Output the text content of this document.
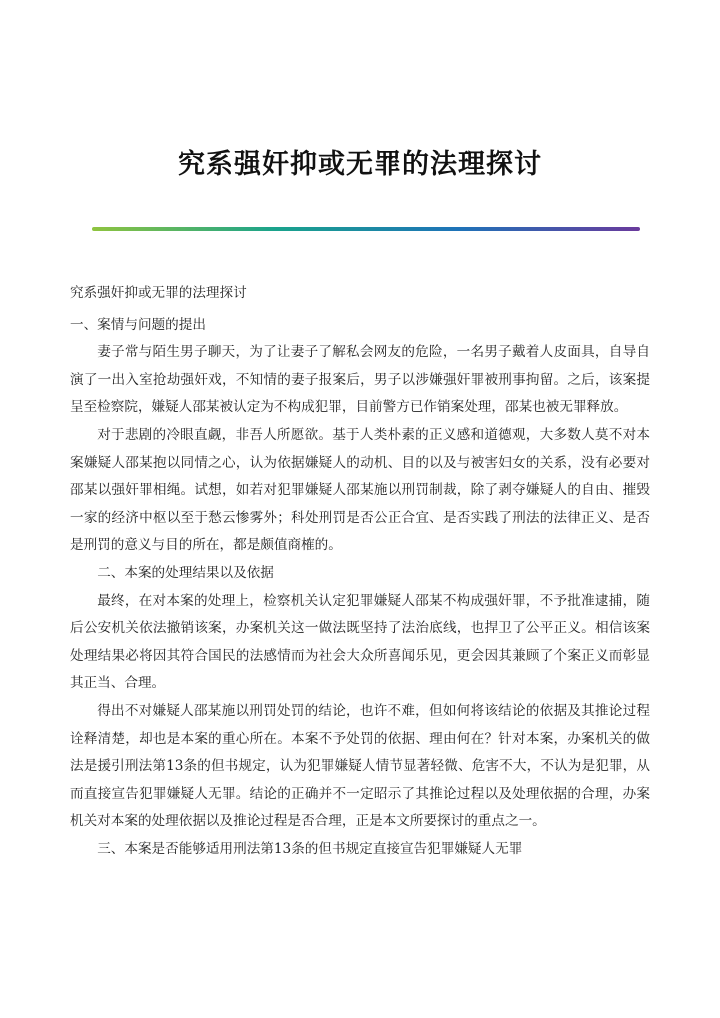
究系强奸抑或无罪的法理探讨

究系强奸抑或无罪的法理探讨

一、案情与问题的提出

妻子常与陌生男子聊天，为了让妻子了解私会网友的危险，一名男子戴着人皮面具，自导自演了一出入室抢劫强奸戏，不知情的妻子报案后，男子以涉嫌强奸罪被刑事拘留。之后，该案提呈至检察院，嫌疑人邵某被认定为不构成犯罪，目前警方已作销案处理，邵某也被无罪释放。

对于悲剧的冷眼直觑，非吾人所愿欲。基于人类朴素的正义感和道德观，大多数人莫不对本案嫌疑人邵某抱以同情之心，认为依据嫌疑人的动机、目的以及与被害妇女的关系，没有必要对邵某以强奸罪相绳。试想，如若对犯罪嫌疑人邵某施以刑罚制裁，除了剥夺嫌疑人的自由、摧毁一家的经济中枢以至于愁云惨雾外；科处刑罚是否公正合宜、是否实践了刑法的法律正义、是否是刑罚的意义与目的所在，都是颇值商榷的。

二、本案的处理结果以及依据

最终，在对本案的处理上，检察机关认定犯罪嫌疑人邵某不构成强奸罪，不予批准逮捕，随后公安机关依法撤销该案，办案机关这一做法既坚持了法治底线，也捍卫了公平正义。相信该案处理结果必将因其符合国民的法感情而为社会大众所喜闻乐见，更会因其兼顾了个案正义而彰显其正当、合理。

得出不对嫌疑人邵某施以刑罚处罚的结论，也许不难，但如何将该结论的依据及其推论过程诠释清楚，却也是本案的重心所在。本案不予处罚的依据、理由何在？针对本案，办案机关的做法是援引刑法第13条的但书规定，认为犯罪嫌疑人情节显著轻微、危害不大，不认为是犯罪，从而直接宣告犯罪嫌疑人无罪。结论的正确并不一定昭示了其推论过程以及处理依据的合理，办案机关对本案的处理依据以及推论过程是否合理，正是本文所要探讨的重点之一。

三、本案是否能够适用刑法第13条的但书规定直接宣告犯罪嫌疑人无罪
